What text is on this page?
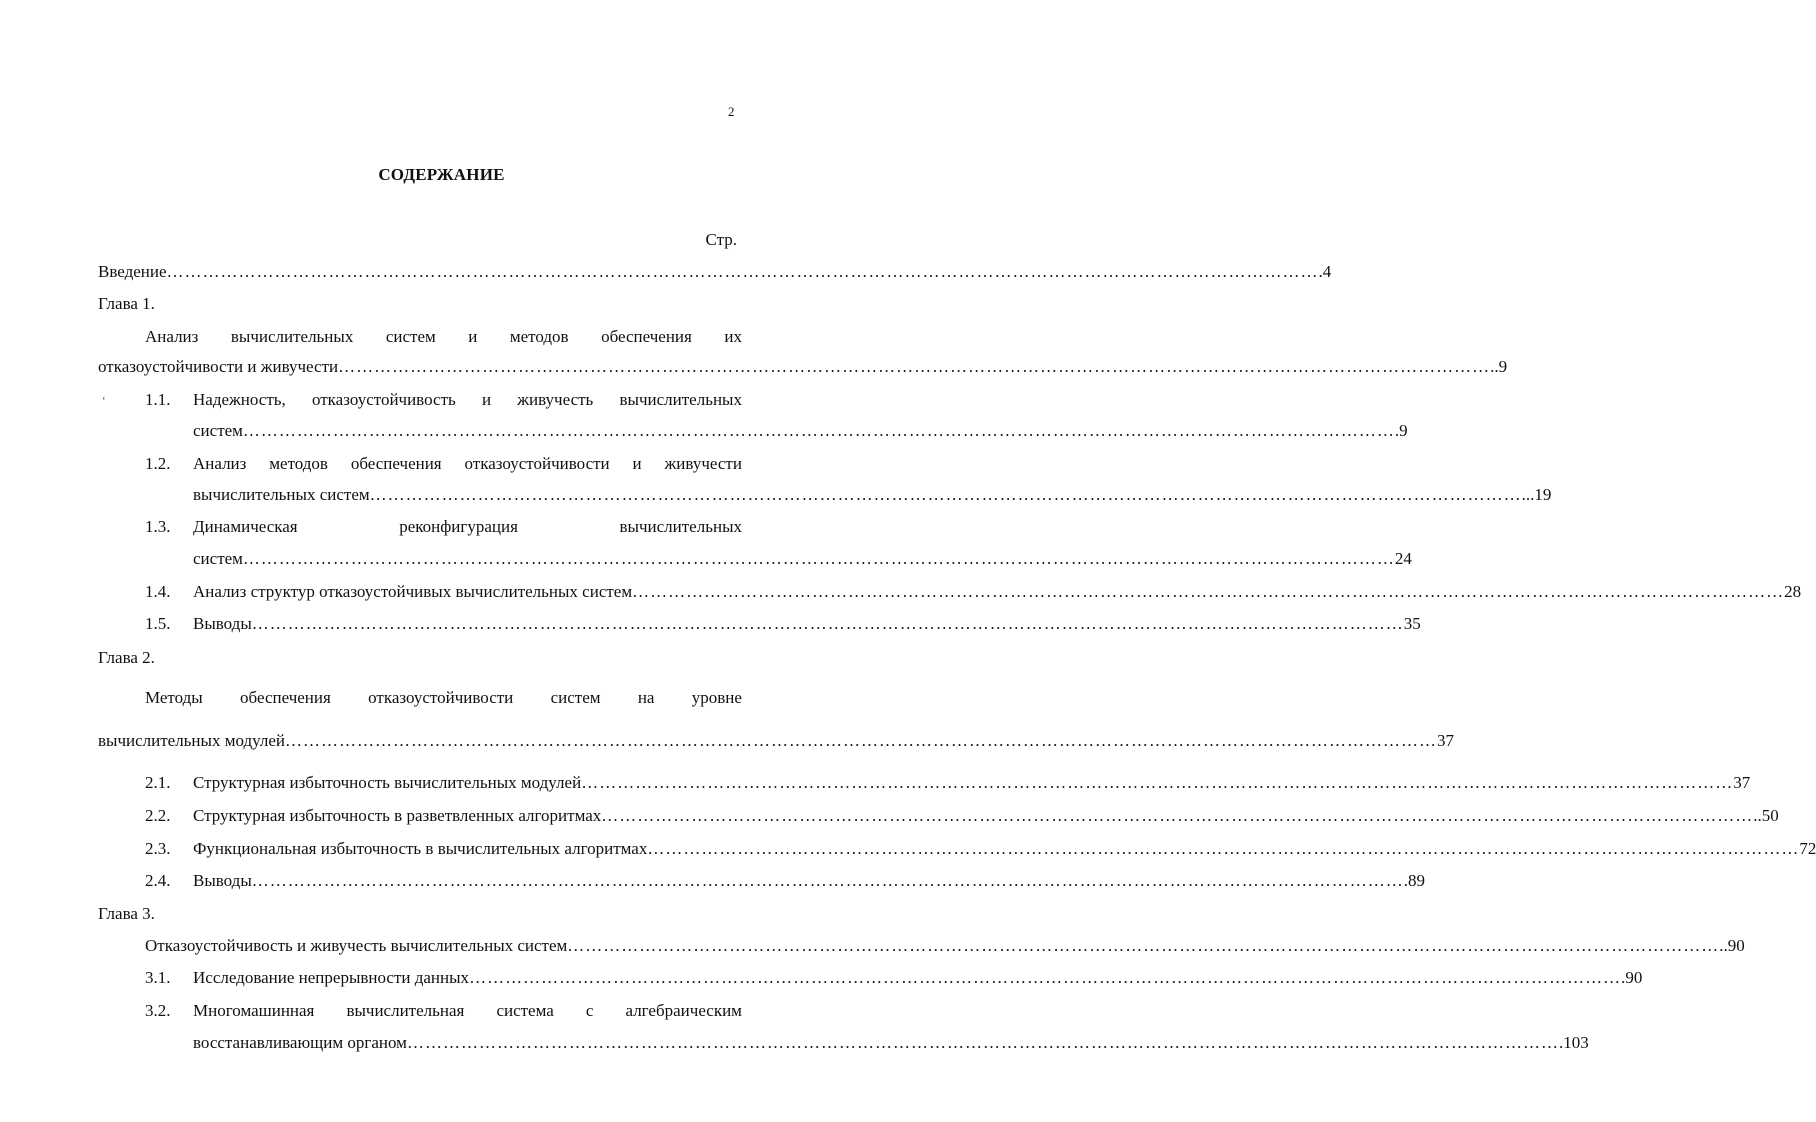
2
СОДЕРЖАНИЕ
Стр.
Введение ………………………………………………………………………………………………………………………………………………………………………… .4
Глава 1.
Анализ вычислительных систем и методов обеспечения их
отказоустойчивости и живучести ………………………………………………………………………………………………………………………………………………………………………… ..9
‘ 1.1. Надежность, отказоустойчивость и живучесть вычислительных
систем ………………………………………………………………………………………………………………………………………………………………………… .9
1.2. Анализ методов обеспечения отказоустойчивости и живучести
вычислительных систем ………………………………………………………………………………………………………………………………………………………………………… ...19
1.3. Динамическая	реконфигурация	вычислительных
систем ………………………………………………………………………………………………………………………………………………………………………… 24
1.4. Анализ структур отказоустойчивых вычислительных систем ………………………………………………………………………………………………………………………………………………………………………… 28
1.5. Выводы ………………………………………………………………………………………………………………………………………………………………………… 35
Глава 2.
Методы обеспечения отказоустойчивости систем на уровне
вычислительных модулей ………………………………………………………………………………………………………………………………………………………………………… 37
2.1. Структурная избыточность вычислительных модулей ………………………………………………………………………………………………………………………………………………………………………… 37
2.2. Структурная избыточность в разветвленных алгоритмах ………………………………………………………………………………………………………………………………………………………………………… ..50
2.3. Функциональная избыточность в вычислительных алгоритмах ………………………………………………………………………………………………………………………………………………………………………… 72
2.4. Выводы ………………………………………………………………………………………………………………………………………………………………………… .89
Глава 3.
Отказоустойчивость и живучесть вычислительных систем ………………………………………………………………………………………………………………………………………………………………………… ..90
3.1. Исследование непрерывности данных ………………………………………………………………………………………………………………………………………………………………………… .90
3.2. Многомашинная вычислительная система с алгебраическим
восстанавливающим органом ………………………………………………………………………………………………………………………………………………………………………… .103
